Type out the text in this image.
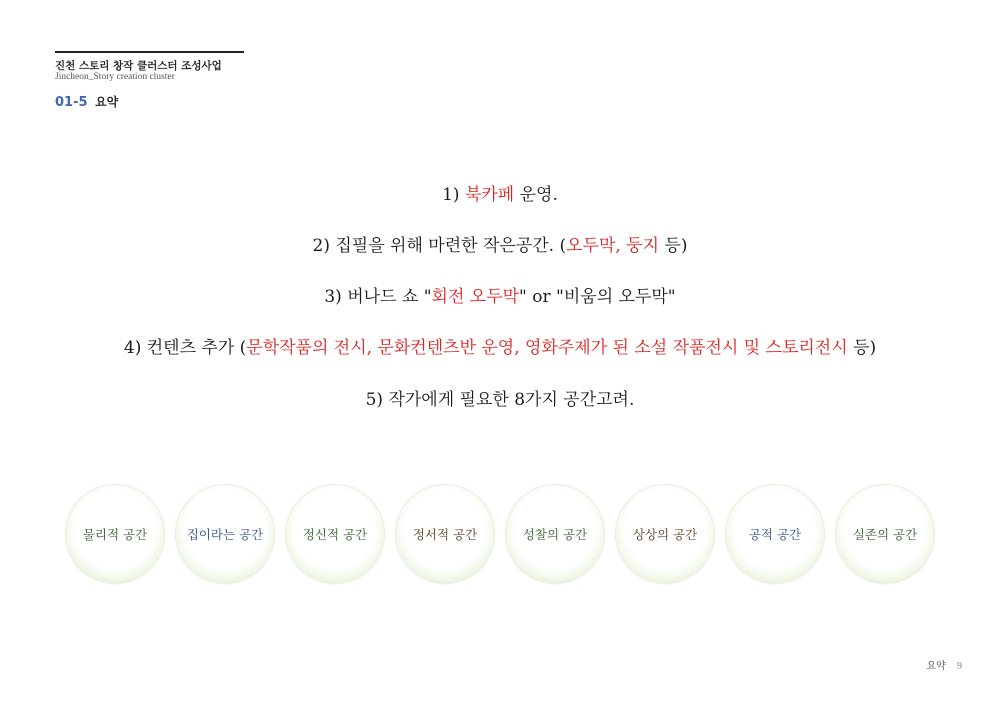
진천 스토리 창작 클러스터 조성사업
Jincheon_Story creation cluster
01-5 요약
1) 북카페 운영.
2) 집필을 위해 마련한 작은공간. (오두막, 둥지 등)
3) 버나드 쇼 "회전 오두막" or "비움의 오두막"
4) 컨텐츠 추가 (문학작품의 전시, 문화컨텐츠반 운영, 영화주제가 된 소설 작품전시 및 스토리전시 등)
5) 작가에게 필요한 8가지 공간고려.
물리적 공간	집이라는 공간	정신적 공간	정서적 공간	성찰의 공간	상상의 공간	공적 공간	실존의 공간
요약 9
